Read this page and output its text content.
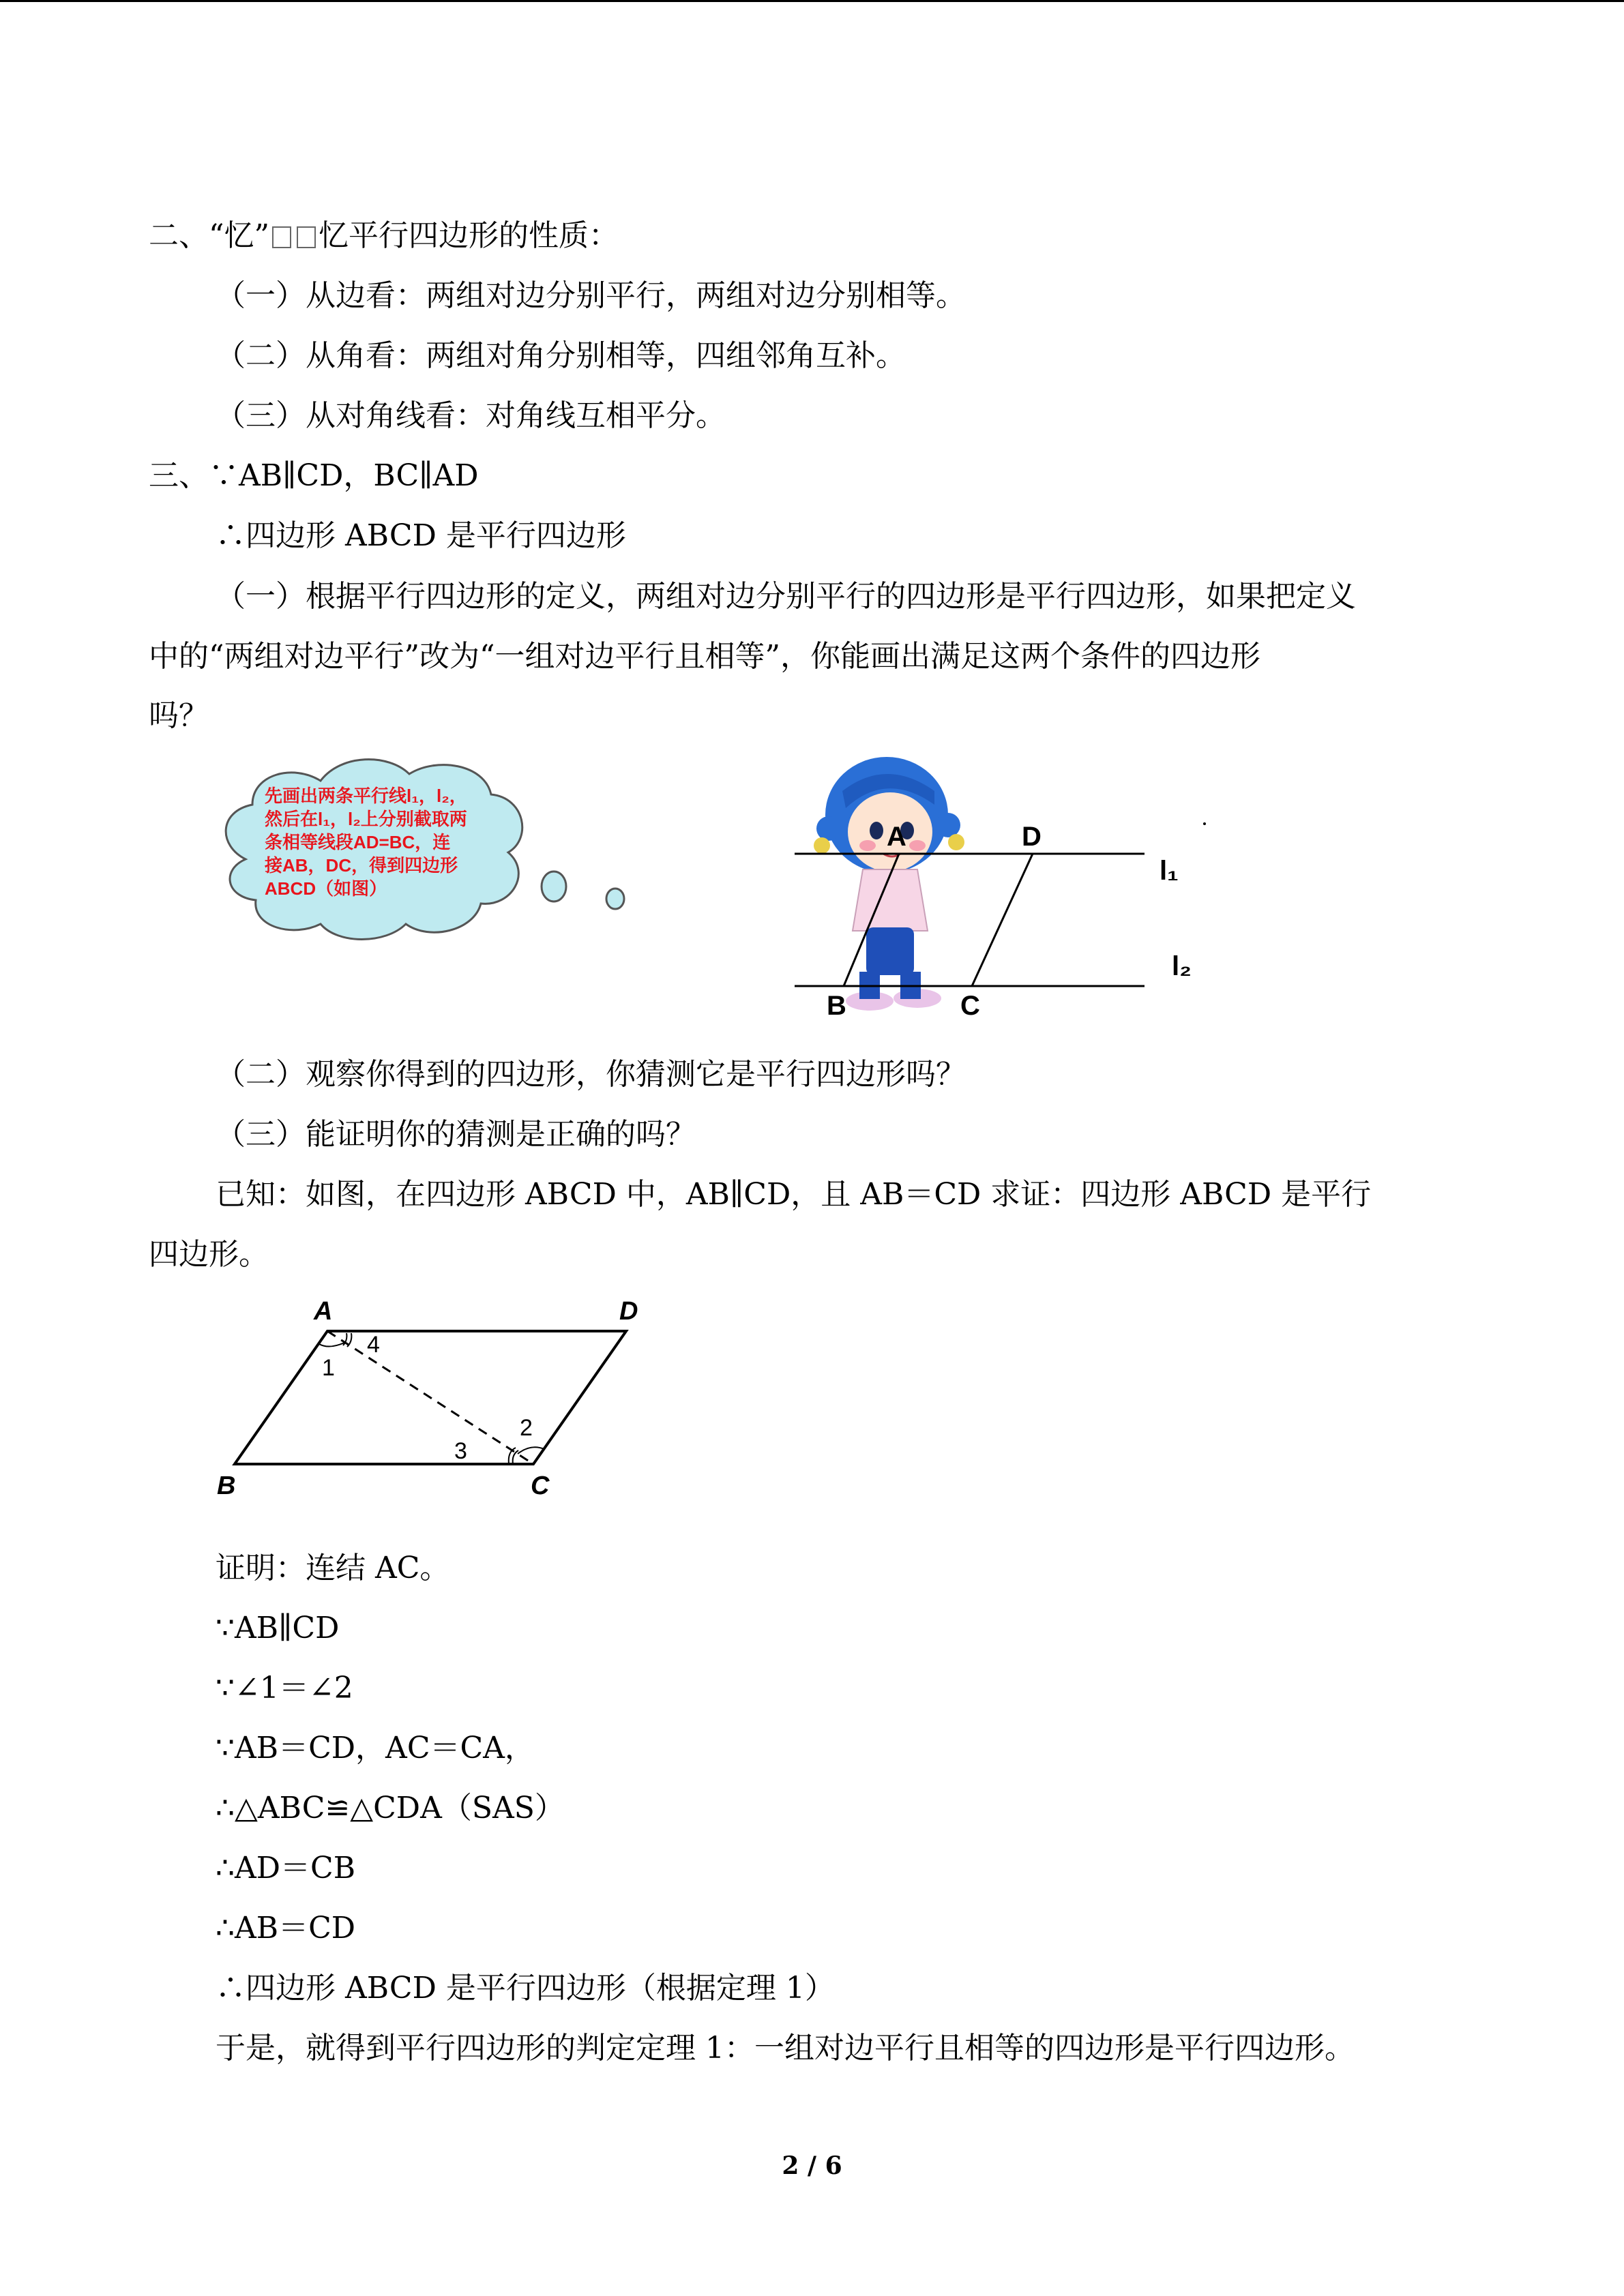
二、“忆” 忆平行四边形的性质：
（一）从边看：两组对边分别平行，两组对边分别相等。
（二）从角看：两组对角分别相等，四组邻角互补。
（三）从对角线看：对角线互相平分。
三、∵AB∥CD，BC∥AD
∴四边形 ABCD 是平行四边形
（一）根据平行四边形的定义，两组对边分别平行的四边形是平行四边形，如果把定义
中的“两组对边平行”改为“一组对边平行且相等”，你能画出满足这两个条件的四边形
吗？
先画出两条平行线l₁，l₂，
然后在l₁，l₂上分别截取两
条相等线段AD=BC，连
接AB，DC，得到四边形
ABCD（如图）
A	D
B	C
l₁
l₂
（二）观察你得到的四边形，你猜测它是平行四边形吗？
（三）能证明你的猜测是正确的吗？
已知：如图，在四边形 ABCD 中，AB∥CD，且 AB＝CD 求证：四边形 ABCD 是平行
四边形。
A	D
B	C
1
2
3
4
证明：连结 AC。
∵AB∥CD
∵∠1＝∠2
∵AB＝CD，AC＝CA，
∴△ABC≌△CDA（SAS）
∴AD＝CB
∴AB＝CD
∴四边形 ABCD 是平行四边形（根据定理 1）
于是，就得到平行四边形的判定定理 1：一组对边平行且相等的四边形是平行四边形。
2 / 6
